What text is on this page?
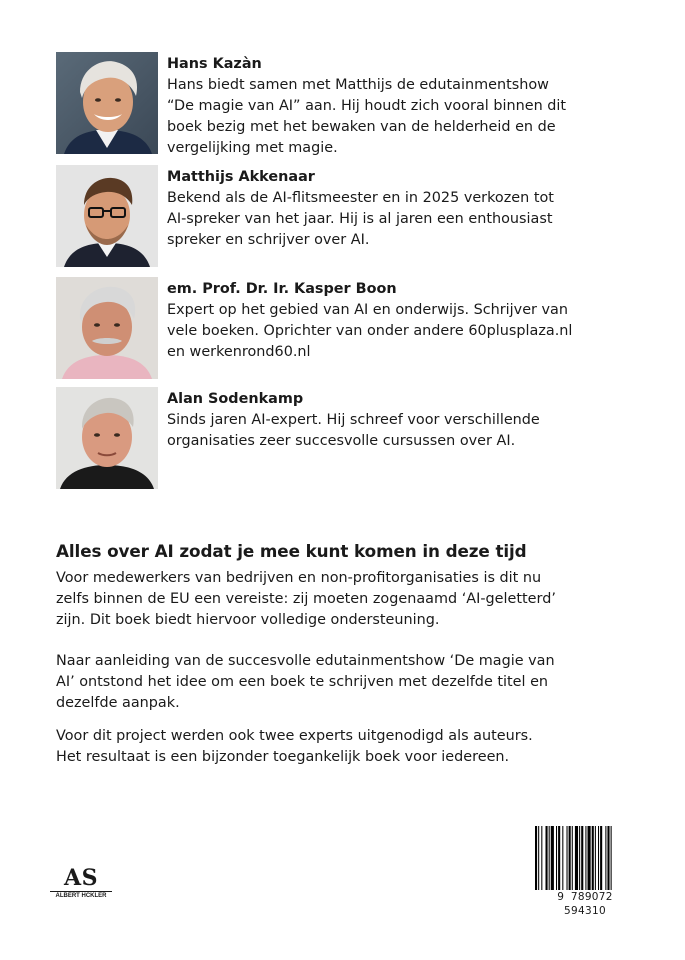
Hans Kazàn
Hans biedt samen met Matthijs de edutainmentshow
“De magie van AI” aan. Hij houdt zich vooral binnen dit
boek bezig met het bewaken van de helderheid en de
vergelijking met magie.
Matthijs Akkenaar
Bekend als de AI-flitsmeester en in 2025 verkozen tot
AI-spreker van het jaar. Hij is al jaren een enthousiast
spreker en schrijver over AI.
em. Prof. Dr. Ir. Kasper Boon
Expert op het gebied van AI en onderwijs. Schrijver van
vele boeken. Oprichter van onder andere 60plusplaza.nl
en werkenrond60.nl
Alan Sodenkamp
Sinds jaren AI-expert. Hij schreef voor verschillende
organisaties zeer succesvolle cursussen over AI.
Alles over AI zodat je mee kunt komen in deze tijd

Voor medewerkers van bedrijven en non-profitorganisaties is dit nu
zelfs binnen de EU een vereiste: zij moeten zogenaamd ‘AI-geletterd’
zijn. Dit boek biedt hiervoor volledige ondersteuning.

Naar aanleiding van de succesvolle edutainmentshow ‘De magie van
AI’ ontstond het idee om een boek te schrijven met dezelfde titel en
dezelfde aanpak.

Voor dit project werden ook twee experts uitgenodigd als auteurs.
Het resultaat is een bijzonder toegankelijk boek voor iedereen.

AS
ALBERT HCKLER	9 789072 594310
